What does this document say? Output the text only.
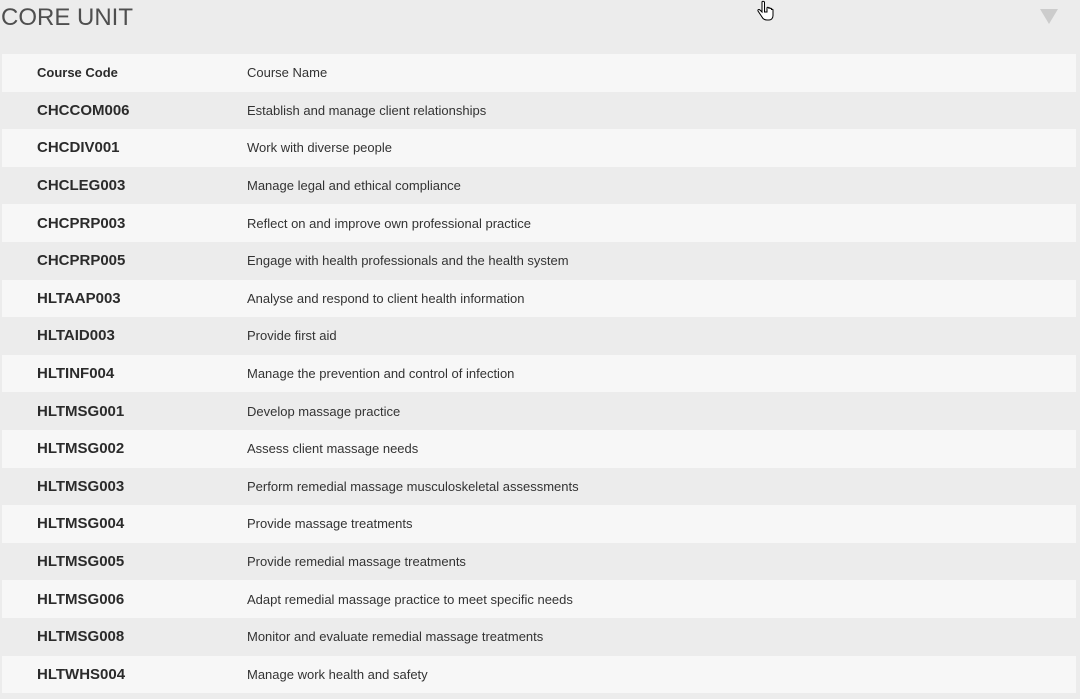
CORE UNIT
Course Code	Course Name
CHCCOM006	Establish and manage client relationships
CHCDIV001	Work with diverse people
CHCLEG003	Manage legal and ethical compliance
CHCPRP003	Reflect on and improve own professional practice
CHCPRP005	Engage with health professionals and the health system
HLTAAP003	Analyse and respond to client health information
HLTAID003	Provide first aid
HLTINF004	Manage the prevention and control of infection
HLTMSG001	Develop massage practice
HLTMSG002	Assess client massage needs
HLTMSG003	Perform remedial massage musculoskeletal assessments
HLTMSG004	Provide massage treatments
HLTMSG005	Provide remedial massage treatments
HLTMSG006	Adapt remedial massage practice to meet specific needs
HLTMSG008	Monitor and evaluate remedial massage treatments
HLTWHS004	Manage work health and safety
